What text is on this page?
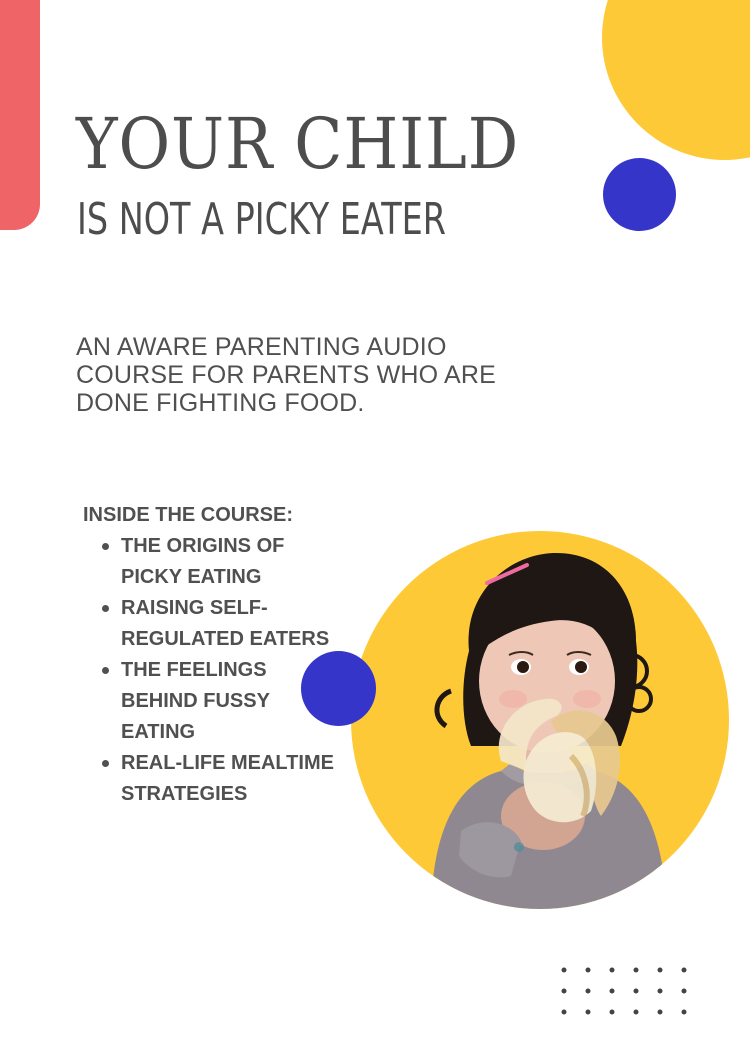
YOUR CHILD
IS NOT A PICKY EATER
AN AWARE PARENTING AUDIO COURSE FOR PARENTS WHO ARE DONE FIGHTING FOOD.
INSIDE THE COURSE:
THE ORIGINS OF PICKY EATING
RAISING SELF-REGULATED EATERS
THE FEELINGS BEHIND FUSSY EATING
REAL-LIFE MEALTIME STRATEGIES
